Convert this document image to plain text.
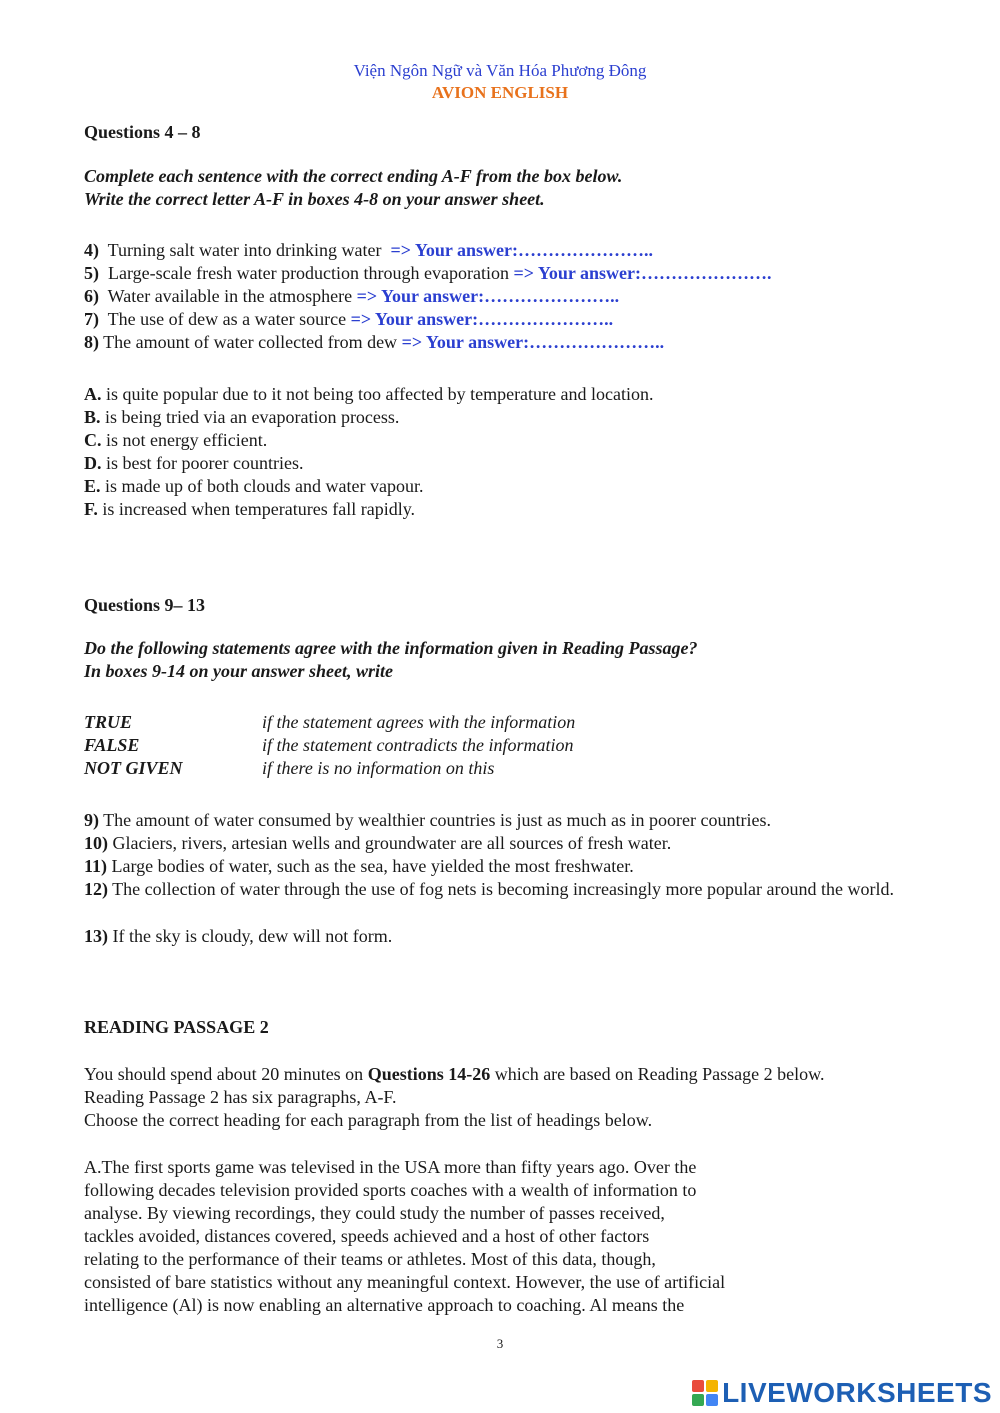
Viện Ngôn Ngữ và Văn Hóa Phương Đông
AVION ENGLISH
Questions 4 – 8
Complete each sentence with the correct ending A-F from the box below.
Write the correct letter A-F in boxes 4-8 on your answer sheet.
4)  Turning salt water into drinking water  => Your answer:…………………..
5)  Large-scale fresh water production through evaporation => Your answer:………………….
6)  Water available in the atmosphere => Your answer:…………………..
7)  The use of dew as a water source => Your answer:…………………..
8) The amount of water collected from dew => Your answer:…………………..
A. is quite popular due to it not being too affected by temperature and location.
B. is being tried via an evaporation process.
C. is not energy efficient.
D. is best for poorer countries.
E. is made up of both clouds and water vapour.
F. is increased when temperatures fall rapidly.
Questions 9– 13
Do the following statements agree with the information given in Reading Passage?
In boxes 9-14 on your answer sheet, write
TRUE	if the statement agrees with the information
FALSE	if the statement contradicts the information
NOT GIVEN	if there is no information on this
9) The amount of water consumed by wealthier countries is just as much as in poorer countries.
10) Glaciers, rivers, artesian wells and groundwater are all sources of fresh water.
11) Large bodies of water, such as the sea, have yielded the most freshwater.
12) The collection of water through the use of fog nets is becoming increasingly more popular around the world.
13) If the sky is cloudy, dew will not form.
READING PASSAGE 2
You should spend about 20 minutes on Questions 14-26 which are based on Reading Passage 2 below.
Reading Passage 2 has six paragraphs, A-F.
Choose the correct heading for each paragraph from the list of headings below.
A.The first sports game was televised in the USA more than fifty years ago. Over the
following decades television provided sports coaches with a wealth of information to
analyse. By viewing recordings, they could study the number of passes received,
tackles avoided, distances covered, speeds achieved and a host of other factors
relating to the performance of their teams or athletes. Most of this data, though,
consisted of bare statistics without any meaningful context. However, the use of artificial
intelligence (Al) is now enabling an alternative approach to coaching. Al means the
3
LIVEWORKSHEETS
